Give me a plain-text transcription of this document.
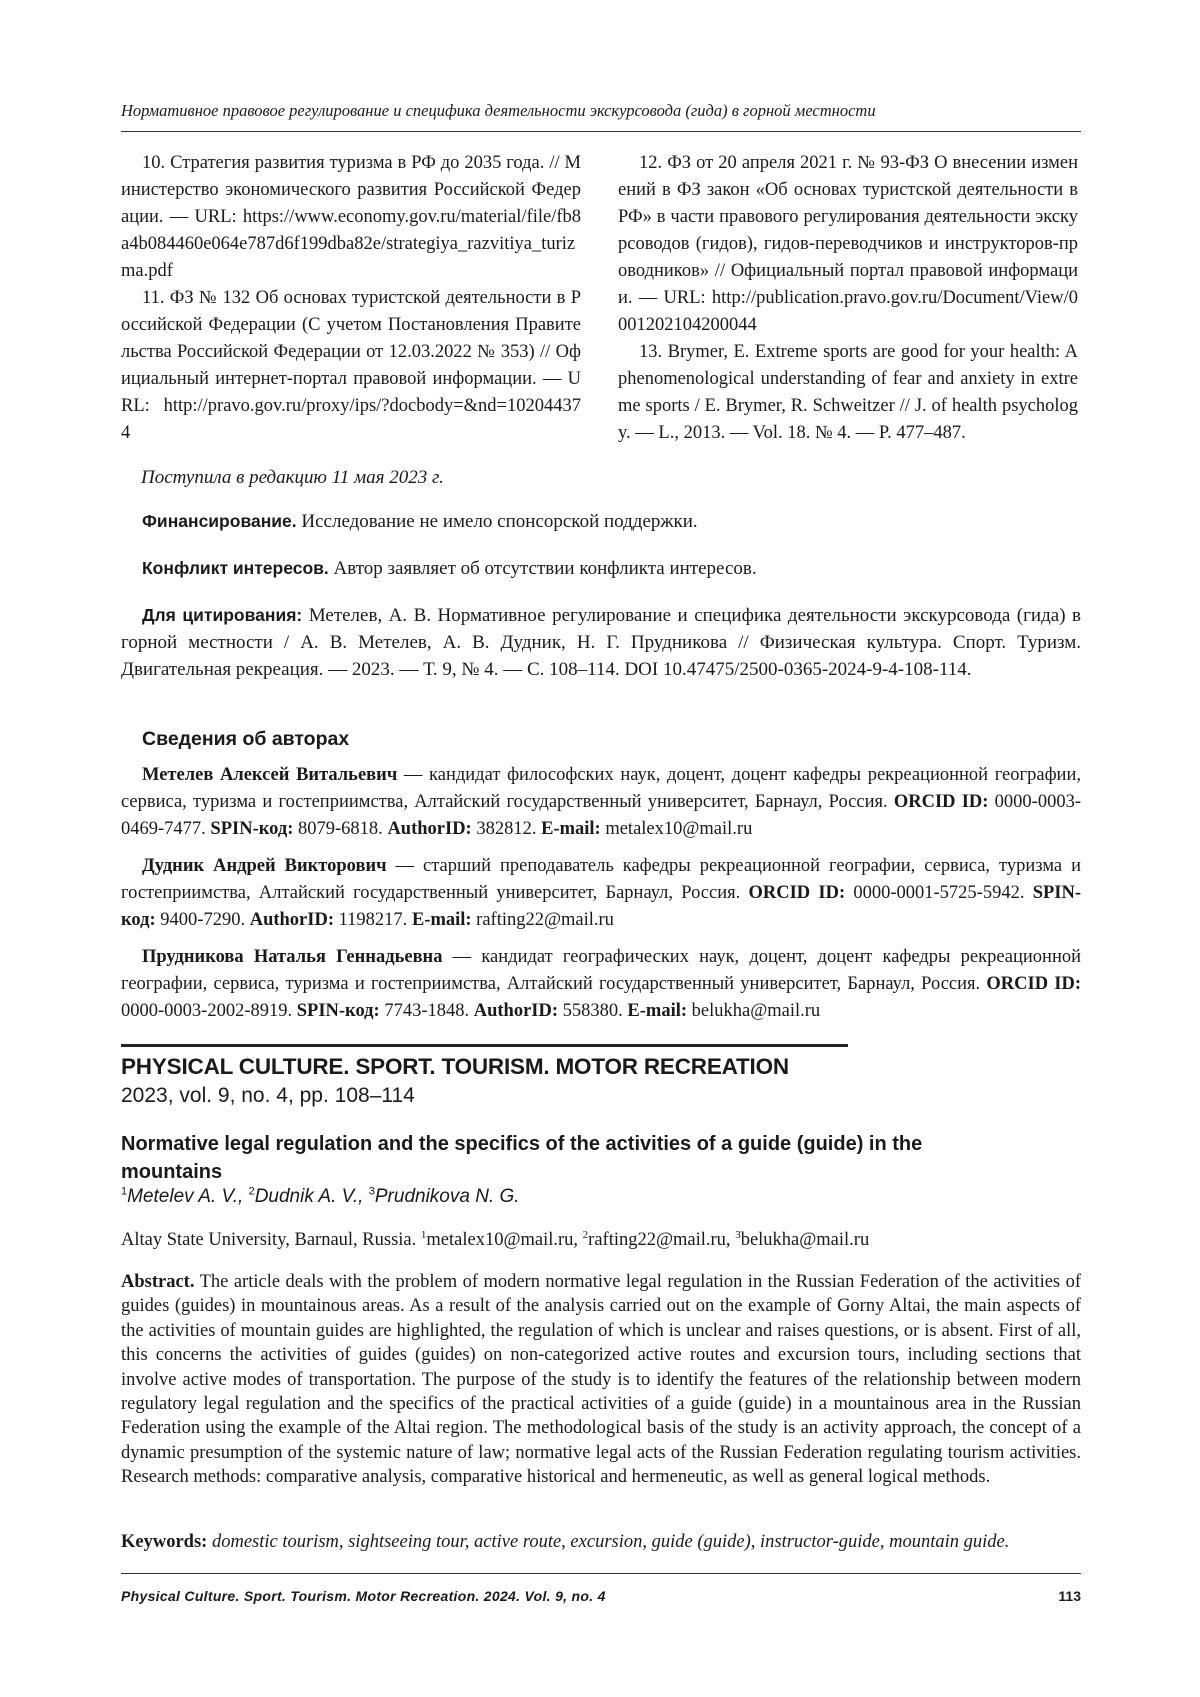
Нормативное правовое регулирование и специфика деятельности экскурсовода (гида) в горной местности

10. Стратегия развития туризма в РФ до 2035 года. // Министерство экономического развития Российской Федерации. — URL: https://www.economy.gov.ru/material/file/fb8a4b084460e064e787d6f199dba82e/strategiya_razvitiya_turizma.pdf

11. ФЗ № 132 Об основах туристской деятельности в Российской Федерации (С учетом Постановления Правительства Российской Федерации от 12.03.2022 № 353) // Официальный интернет-портал правовой информации. — URL: http://pravo.gov.ru/proxy/ips/?docbody=&nd=102044374

12. ФЗ от 20 апреля 2021 г. № 93-ФЗ О внесении изменений в ФЗ закон «Об основах туристской деятельности в РФ» в части правового регулирования деятельности экскурсоводов (гидов), гидов-переводчиков и инструкторов-проводников» // Официальный портал правовой информации. — URL: http://publication.pravo.gov.ru/Document/View/0001202104200044

13. Brymer, E. Extreme sports are good for your health: A phenomenological understanding of fear and anxiety in extreme sports / E. Brymer, R. Schweitzer // J. of health psychology. — L., 2013. — Vol. 18. № 4. — P. 477–487.

Поступила в редакцию 11 мая 2023 г.

Финансирование. Исследование не имело спонсорской поддержки.

Конфликт интересов. Автор заявляет об отсутствии конфликта интересов.

Для цитирования: Метелев, А. В. Нормативное регулирование и специфика деятельности экскурсовода (гида) в горной местности / А. В. Метелев, А. В. Дудник, Н. Г. Прудникова // Физическая культура. Спорт. Туризм. Двигательная рекреация. — 2023. — Т. 9, № 4. — С. 108–114. DOI 10.47475/2500-0365-2024-9-4-108-114.

Сведения об авторах

Метелев Алексей Витальевич — кандидат философских наук, доцент, доцент кафедры рекреационной географии, сервиса, туризма и гостеприимства, Алтайский государственный университет, Барнаул, Россия. ORCID ID: 0000-0003-0469-7477. SPIN-код: 8079-6818. AuthorID: 382812. E-mail: metalex10@mail.ru

Дудник Андрей Викторович — старший преподаватель кафедры рекреационной географии, сервиса, туризма и гостеприимства, Алтайский государственный университет, Барнаул, Россия. ORCID ID: 0000-0001-5725-5942. SPIN-код: 9400-7290. AuthorID: 1198217. E-mail: rafting22@mail.ru

Прудникова Наталья Геннадьевна — кандидат географических наук, доцент, доцент кафедры рекреационной географии, сервиса, туризма и гостеприимства, Алтайский государственный университет, Барнаул, Россия. ORCID ID: 0000-0003-2002-8919. SPIN-код: 7743-1848. AuthorID: 558380. E-mail: belukha@mail.ru

PHYSICAL CULTURE. SPORT. TOURISM. MOTOR RECREATION
2023, vol. 9, no. 4, pp. 108–114

Normative legal regulation and the specifics of the activities of a guide (guide) in the mountains

$^1$Metelev A. V., $^2$Dudnik A. V., $^3$Prudnikova N. G.
Altay State University, Barnaul, Russia. $^1$metalex10@mail.ru, $^2$rafting22@mail.ru, $^3$belukha@mail.ru

Abstract. The article deals with the problem of modern normative legal regulation in the Russian Federation of the activities of guides (guides) in mountainous areas. As a result of the analysis carried out on the example of Gorny Altai, the main aspects of the activities of mountain guides are highlighted, the regulation of which is unclear and raises questions, or is absent. First of all, this concerns the activities of guides (guides) on non-categorized active routes and excursion tours, including sections that involve active modes of transportation. The purpose of the study is to identify the features of the relationship between modern regulatory legal regulation and the specifics of the practical activities of a guide (guide) in a mountainous area in the Russian Federation using the example of the Altai region. The methodological basis of the study is an activity approach, the concept of a dynamic presumption of the systemic nature of law; normative legal acts of the Russian Federation regulating tourism activities. Research methods: comparative analysis, comparative historical and hermeneutic, as well as general logical methods.

Keywords: domestic tourism, sightseeing tour, active route, excursion, guide (guide), instructor-guide, mountain guide.

Physical Culture. Sport. Tourism. Motor Recreation. 2024. Vol. 9, no. 4	113
